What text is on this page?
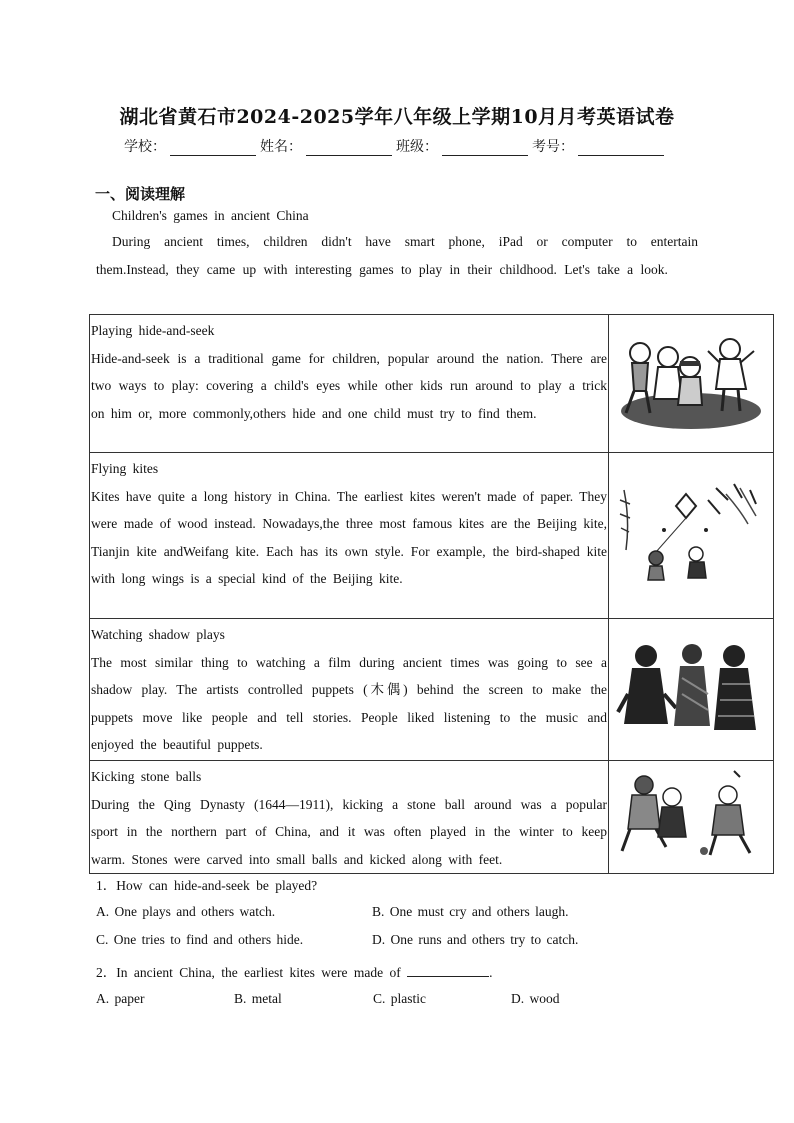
湖北省黄石市2024-2025学年八年级上学期10月月考英语试卷
学校：	姓名：	班级：	考号：
一、阅读理解
Children's games in ancient China
During ancient times, children didn't have smart phone, iPad or computer to entertain them.Instead, they came up with interesting games to play in their childhood. Let's take a look.
Playing hide-and-seek
Hide-and-seek is a traditional game for children, popular around the nation. There are two ways to play: covering a child's eyes while other kids run around to play a trick on him or, more commonly,others hide and one child must try to find them.

Flying kites
Kites have quite a long history in China. The earliest kites weren't made of paper. They were made of wood instead. Nowadays,the three most famous kites are the Beijing kite, Tianjin kite andWeifang kite. Each has its own style. For example, the bird-shaped kite with long wings is a special kind of the Beijing kite.

Watching shadow plays
The most similar thing to watching a film during ancient times was going to see a shadow play. The artists controlled puppets (木偶) behind the screen to make the puppets move like people and tell stories. People liked listening to the music and enjoyed the beautiful puppets.

Kicking stone balls
During the Qing Dynasty (1644—1911), kicking a stone ball around was a popular sport in the northern part of China, and it was often played in the winter to keep warm. Stones were carved into small balls and kicked along with feet.

1．How can hide-and-seek be played?
A. One plays and others watch.	B. One must cry and others laugh.
C. One tries to find and others hide.	D. One runs and others try to catch.
2．In ancient China, the earliest kites were made of	.
A. paper	B. metal	C. plastic	D. wood
